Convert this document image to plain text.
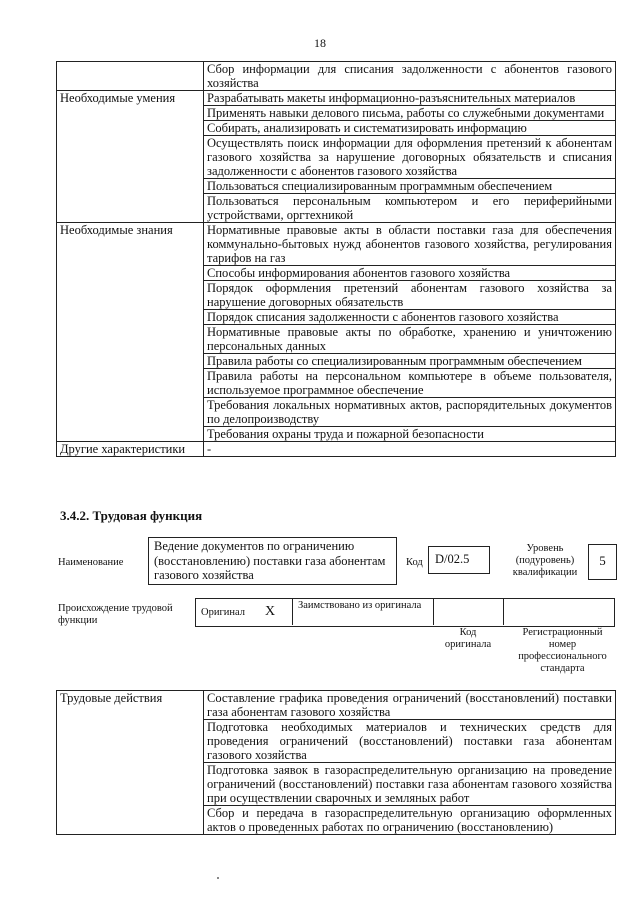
18
	Сбор информации для списания задолженности с абонентов газового хозяйства
Необходимые умения	Разрабатывать макеты информационно-разъяснительных материалов
	Применять навыки делового письма, работы со служебными документами
	Собирать, анализировать и систематизировать информацию
	Осуществлять поиск информации для оформления претензий к абонентам газового хозяйства за нарушение договорных обязательств и списания задолженности с абонентов газового хозяйства
	Пользоваться специализированным программным обеспечением
	Пользоваться персональным компьютером и его периферийными устройствами, оргтехникой
Необходимые знания	Нормативные правовые акты в области поставки газа для обеспечения коммунально-бытовых нужд абонентов газового хозяйства, регулирования тарифов на газ
	Способы информирования абонентов газового хозяйства
	Порядок оформления претензий абонентам газового хозяйства за нарушение договорных обязательств
	Порядок списания задолженности с абонентов газового хозяйства
	Нормативные правовые акты по обработке, хранению и уничтожению персональных данных
	Правила работы со специализированным программным обеспечением
	Правила работы на персональном компьютере в объеме пользователя, используемое программное обеспечение
	Требования локальных нормативных актов, распорядительных документов по делопроизводству
	Требования охраны труда и пожарной безопасности
Другие характеристики	-
3.4.2. Трудовая функция
Наименование
Ведение документов по ограничению (восстановлению) поставки газа абонентам газового хозяйства
Код D/02.5
Уровень (подуровень) квалификации
5
Происхождение трудовой функции
Оригинал X Заимствовано из оригинала
Код оригинала
Регистрационный номер профессионального стандарта
Трудовые действия	Составление графика проведения ограничений (восстановлений) поставки газа абонентам газового хозяйства
Подготовка необходимых материалов и технических средств для проведения ограничений (восстановлений) поставки газа абонентам газового хозяйства
Подготовка заявок в газораспределительную организацию на проведение ограничений (восстановлений) поставки газа абонентам газового хозяйства при осуществлении сварочных и земляных работ
Сбор и передача в газораспределительную организацию оформленных актов о проведенных работах по ограничению (восстановлению)
